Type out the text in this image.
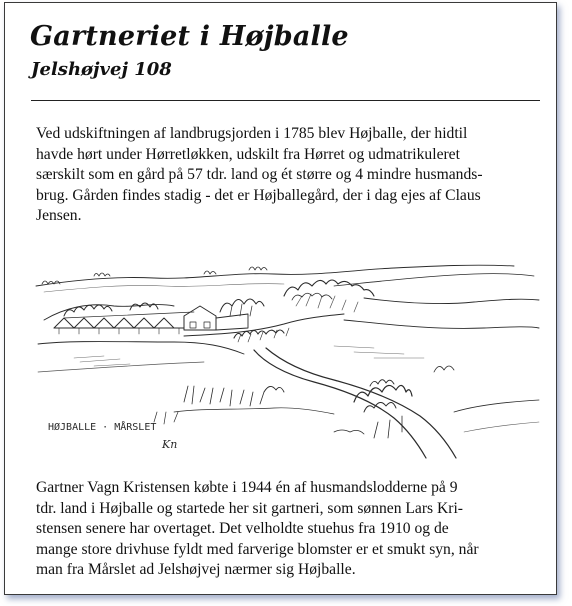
Gartneriet i Højballe
Jelshøjvej 108

Ved udskiftningen af landbrugsjorden i 1785 blev Højballe, der hidtil
havde hørt under Hørretløkken, udskilt fra Hørret og udmatrikuleret
særskilt som en gård på 57 tdr. land og ét større og 4 mindre husmands-
brug. Gården findes stadig - det er Højballegård, der i dag ejes af Claus
Jensen.

HØJBALLE · MÅRSLET
Kn

Gartner Vagn Kristensen købte i 1944 én af husmandslodderne på 9
tdr. land i Højballe og startede her sit gartneri, som sønnen Lars Kri-
stensen senere har overtaget. Det velholdte stuehus fra 1910 og de
mange store drivhuse fyldt med farverige blomster er et smukt syn, når
man fra Mårslet ad Jelshøjvej nærmer sig Højballe.
